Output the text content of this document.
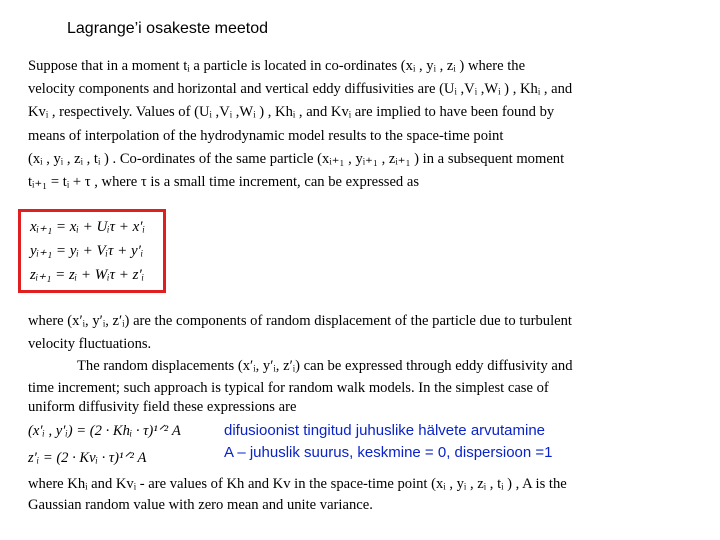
Lagrange’i osakeste meetod
Suppose that in a moment tᵢ a particle is located in co-ordinates (xᵢ , yᵢ , zᵢ ) where the
velocity components and horizontal and vertical eddy diffusivities are (Uᵢ ,Vᵢ ,Wᵢ ) , Khᵢ , and
Kvᵢ , respectively. Values of (Uᵢ ,Vᵢ ,Wᵢ ) , Khᵢ , and Kvᵢ are implied to have been found by
means of interpolation of the hydrodynamic model results to the space-time point
(xᵢ , yᵢ , zᵢ , tᵢ ) . Co-ordinates of the same particle (xᵢ₊₁ , yᵢ₊₁ , zᵢ₊₁ ) in a subsequent moment
tᵢ₊₁ = tᵢ + τ , where τ is a small time increment, can be expressed as
xᵢ₊₁ = xᵢ + Uᵢτ + x′ᵢ
yᵢ₊₁ = yᵢ + Vᵢτ + y′ᵢ
zᵢ₊₁ = zᵢ + Wᵢτ + z′ᵢ
where (x′ᵢ, y′ᵢ, z′ᵢ) are the components of random displacement of the particle due to turbulent
velocity fluctuations.
The random displacements (x′ᵢ, y′ᵢ, z′ᵢ) can be expressed through eddy diffusivity and
time increment; such approach is typical for random walk models. In the simplest case of
uniform diffusivity field these expressions are
(x′ᵢ , y′ᵢ) = (2 · Khᵢ · τ)¹ᐟ² A
z′ᵢ = (2 · Kvᵢ · τ)¹ᐟ² A
difusioonist tingitud juhuslike hälvete arvutamine
A – juhuslik suurus, keskmine = 0, dispersioon =1
where Khᵢ and Kvᵢ - are values of Kh and Kv in the space-time point (xᵢ , yᵢ , zᵢ , tᵢ ) , A is the
Gaussian random value with zero mean and unite variance.
